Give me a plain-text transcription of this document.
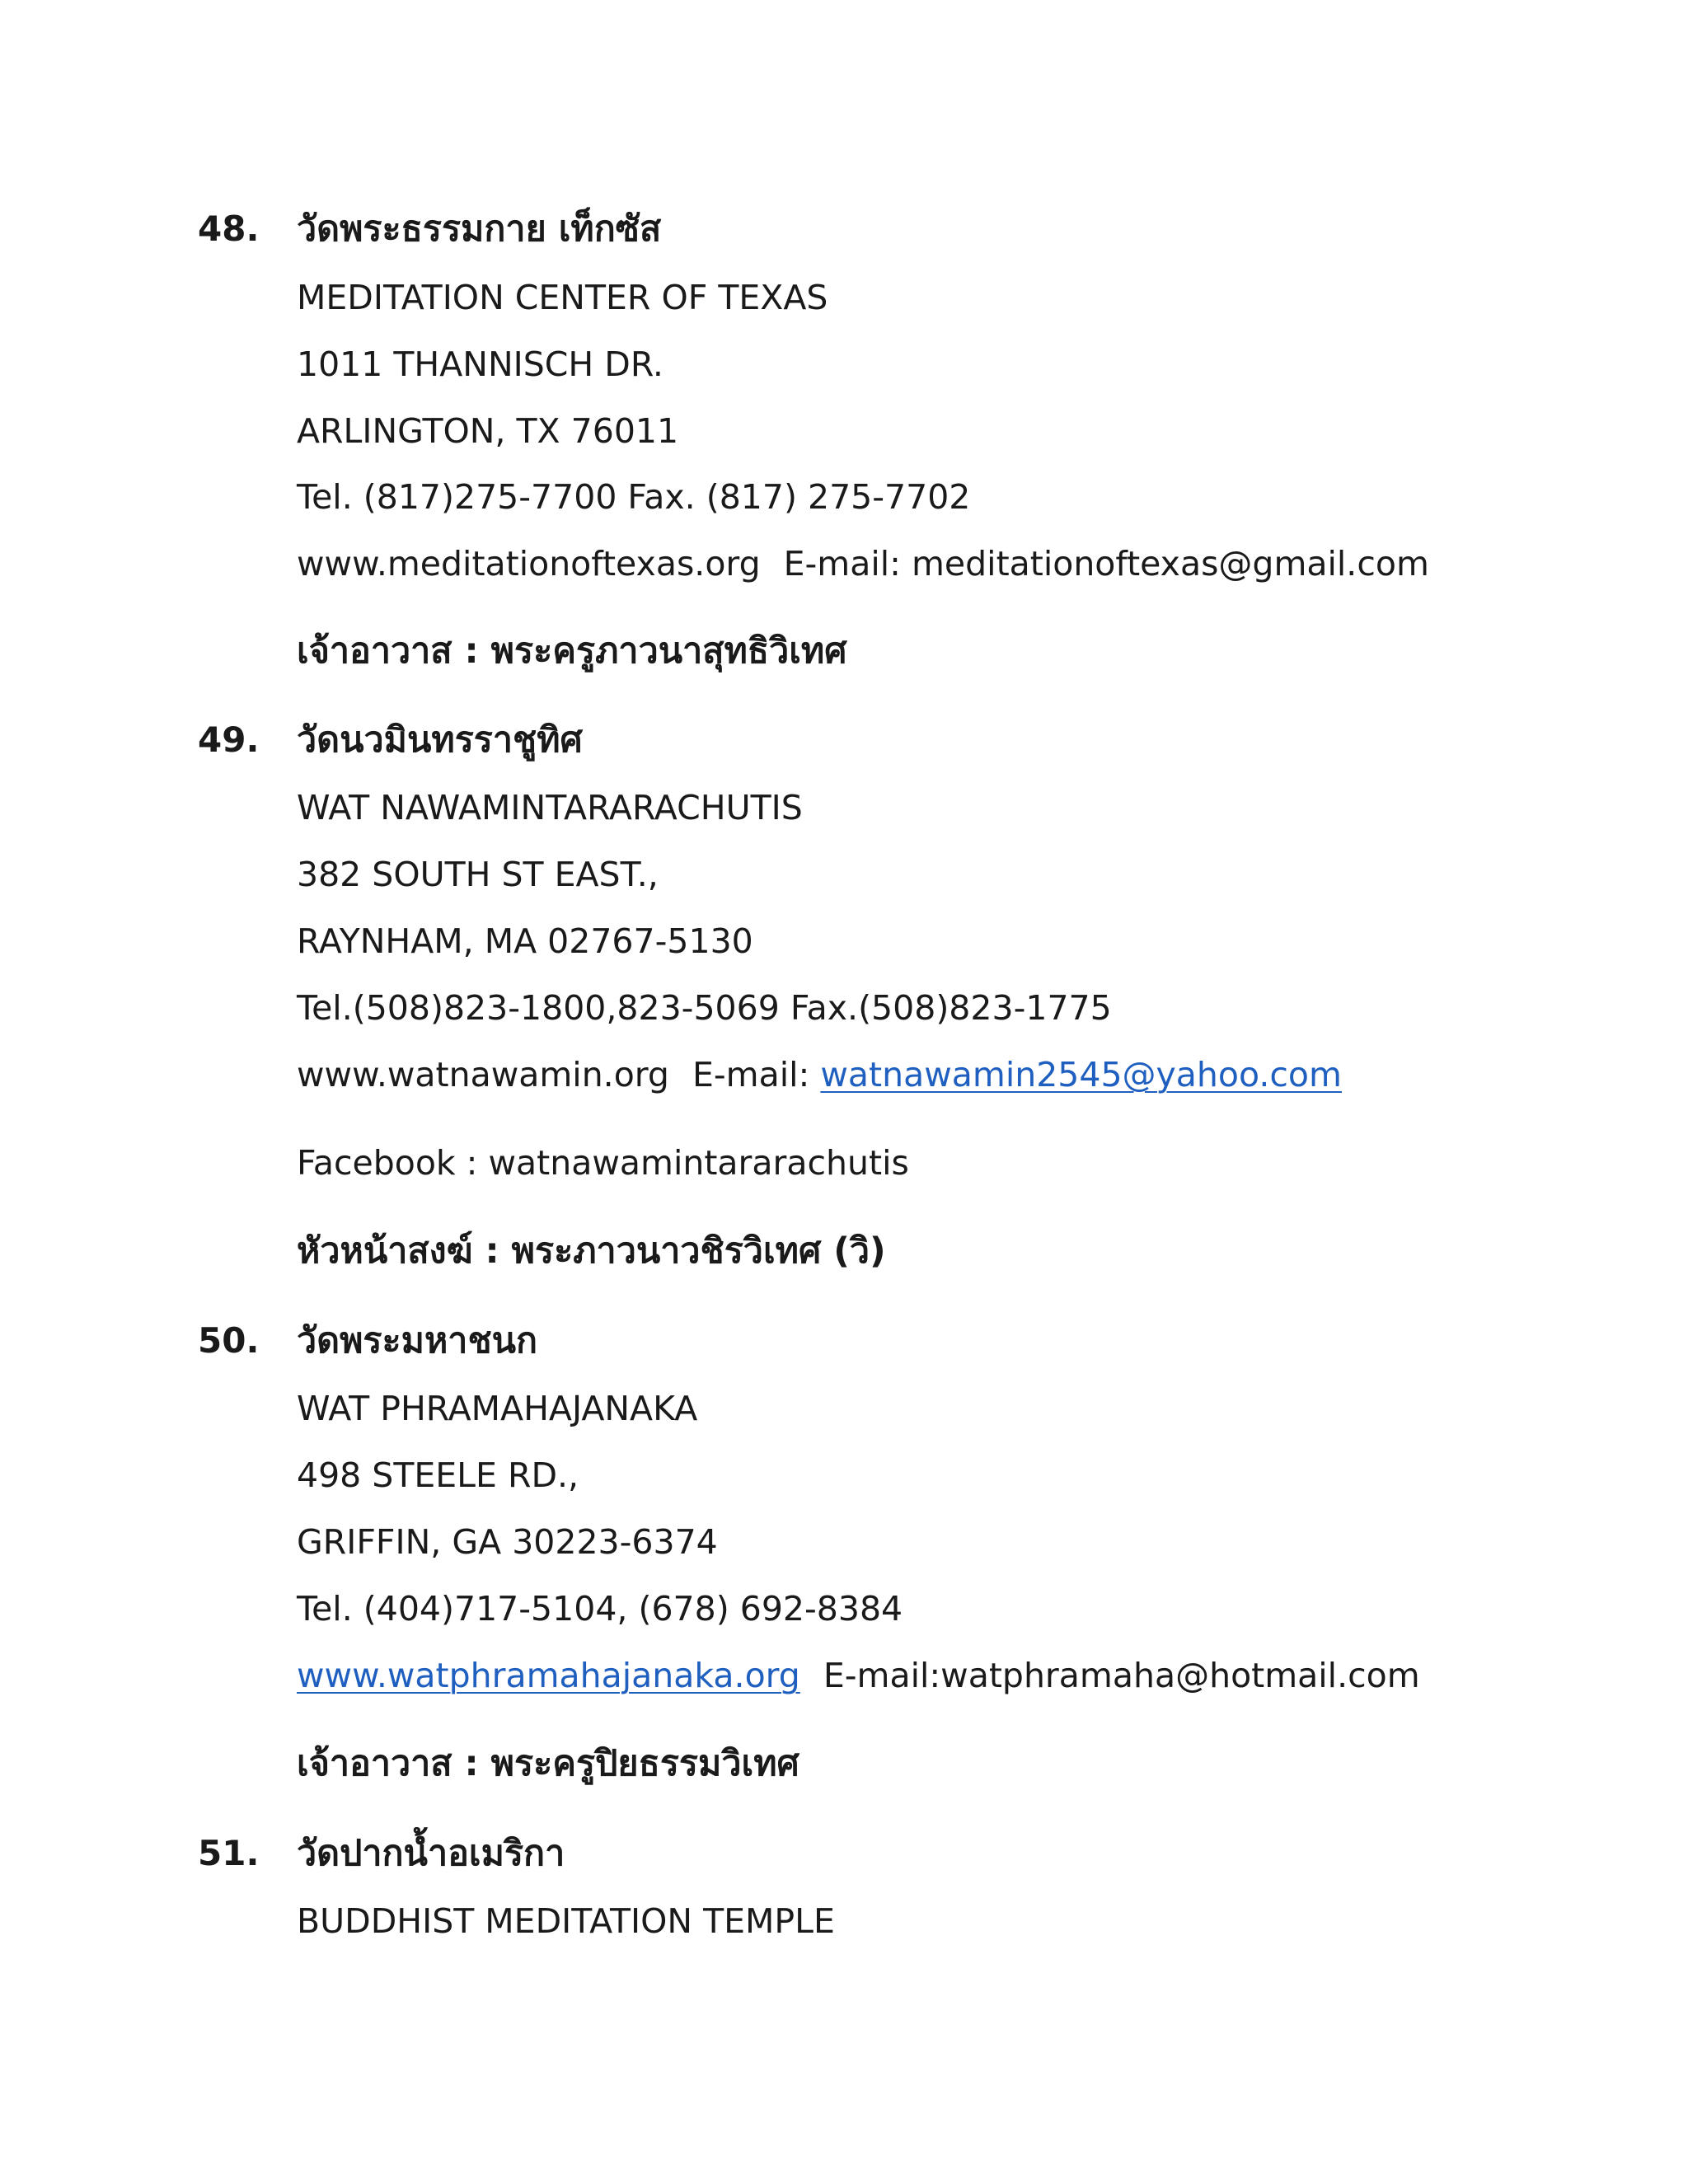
48. วัดพระธรรมกาย เท็กซัส
MEDITATION CENTER OF TEXAS
1011 THANNISCH DR.
ARLINGTON, TX 76011
Tel. (817)275-7700 Fax. (817) 275-7702
www.meditationoftexas.org E-mail: meditationoftexas@gmail.com
เจ้าอาวาส : พระครูภาวนาสุทธิวิเทศ
49. วัดนวมินทรราชูทิศ
WAT NAWAMINTARARACHUTIS
382 SOUTH ST EAST.,
RAYNHAM, MA 02767-5130
Tel.(508)823-1800,823-5069 Fax.(508)823-1775
www.watnawamin.org E-mail: watnawamin2545@yahoo.com
Facebook : watnawamintararachutis
หัวหน้าสงฆ์ : พระภาวนาวชิรวิเทศ (วิ)
50. วัดพระมหาชนก
WAT PHRAMAHAJANAKA
498 STEELE RD.,
GRIFFIN, GA 30223-6374
Tel. (404)717-5104, (678) 692-8384
www.watphramahajanaka.org E-mail:watphramaha@hotmail.com
เจ้าอาวาส : พระครูปิยธรรมวิเทศ
51. วัดปากน้ำอเมริกา
BUDDHIST MEDITATION TEMPLE
